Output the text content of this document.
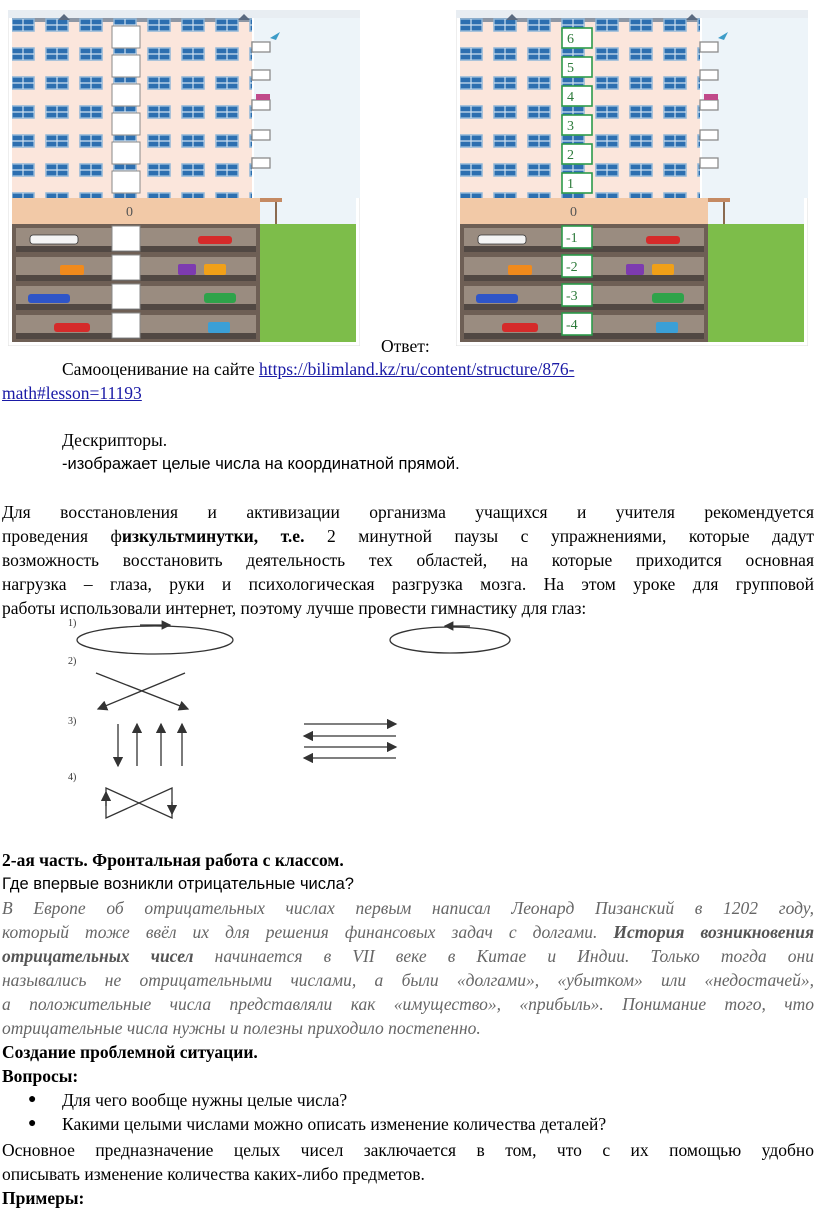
0
Ответ:
6
5
4
3
2
1
0
-1
-2
-3
-4
Самооценивание на сайте https://bilimland.kz/ru/content/structure/876-
math#lesson=11193
Дескрипторы.
-изображает целые числа на координатной прямой.
Для восстановления и активизации организма учащихся и учителя рекомендуется
проведения физкультминутки, т.е. 2 минутной паузы с упражнениями, которые дадут
возможность восстановить деятельность тех областей, на которые приходится основная
нагрузка – глаза, руки и психологическая разгрузка мозга. На этом уроке для групповой
работы использовали интернет, поэтому лучше провести гимнастику для глаз:
1)
2)
3)
4)
2-ая часть. Фронтальная работа с классом.
Где впервые возникли отрицательные числа?
В Европе об отрицательных числах первым написал Леонард Пизанский в 1202 году,
который тоже ввёл их для решения финансовых задач с долгами. История возникновения
отрицательных чисел начинается в VII веке в Китае и Индии. Только тогда они
назывались не отрицательными числами, а были «долгами», «убытком» или «недостачей»,
а положительные числа представляли как «имущество», «прибыль». Понимание того, что
отрицательные числа нужны и полезны приходило постепенно.
Создание проблемной ситуации.
Вопросы:
● Для чего вообще нужны целые числа?
● Какими целыми числами можно описать изменение количества деталей?
Основное предназначение целых чисел заключается в том, что с их помощью удобно
описывать изменение количества каких-либо предметов.
Примеры:
